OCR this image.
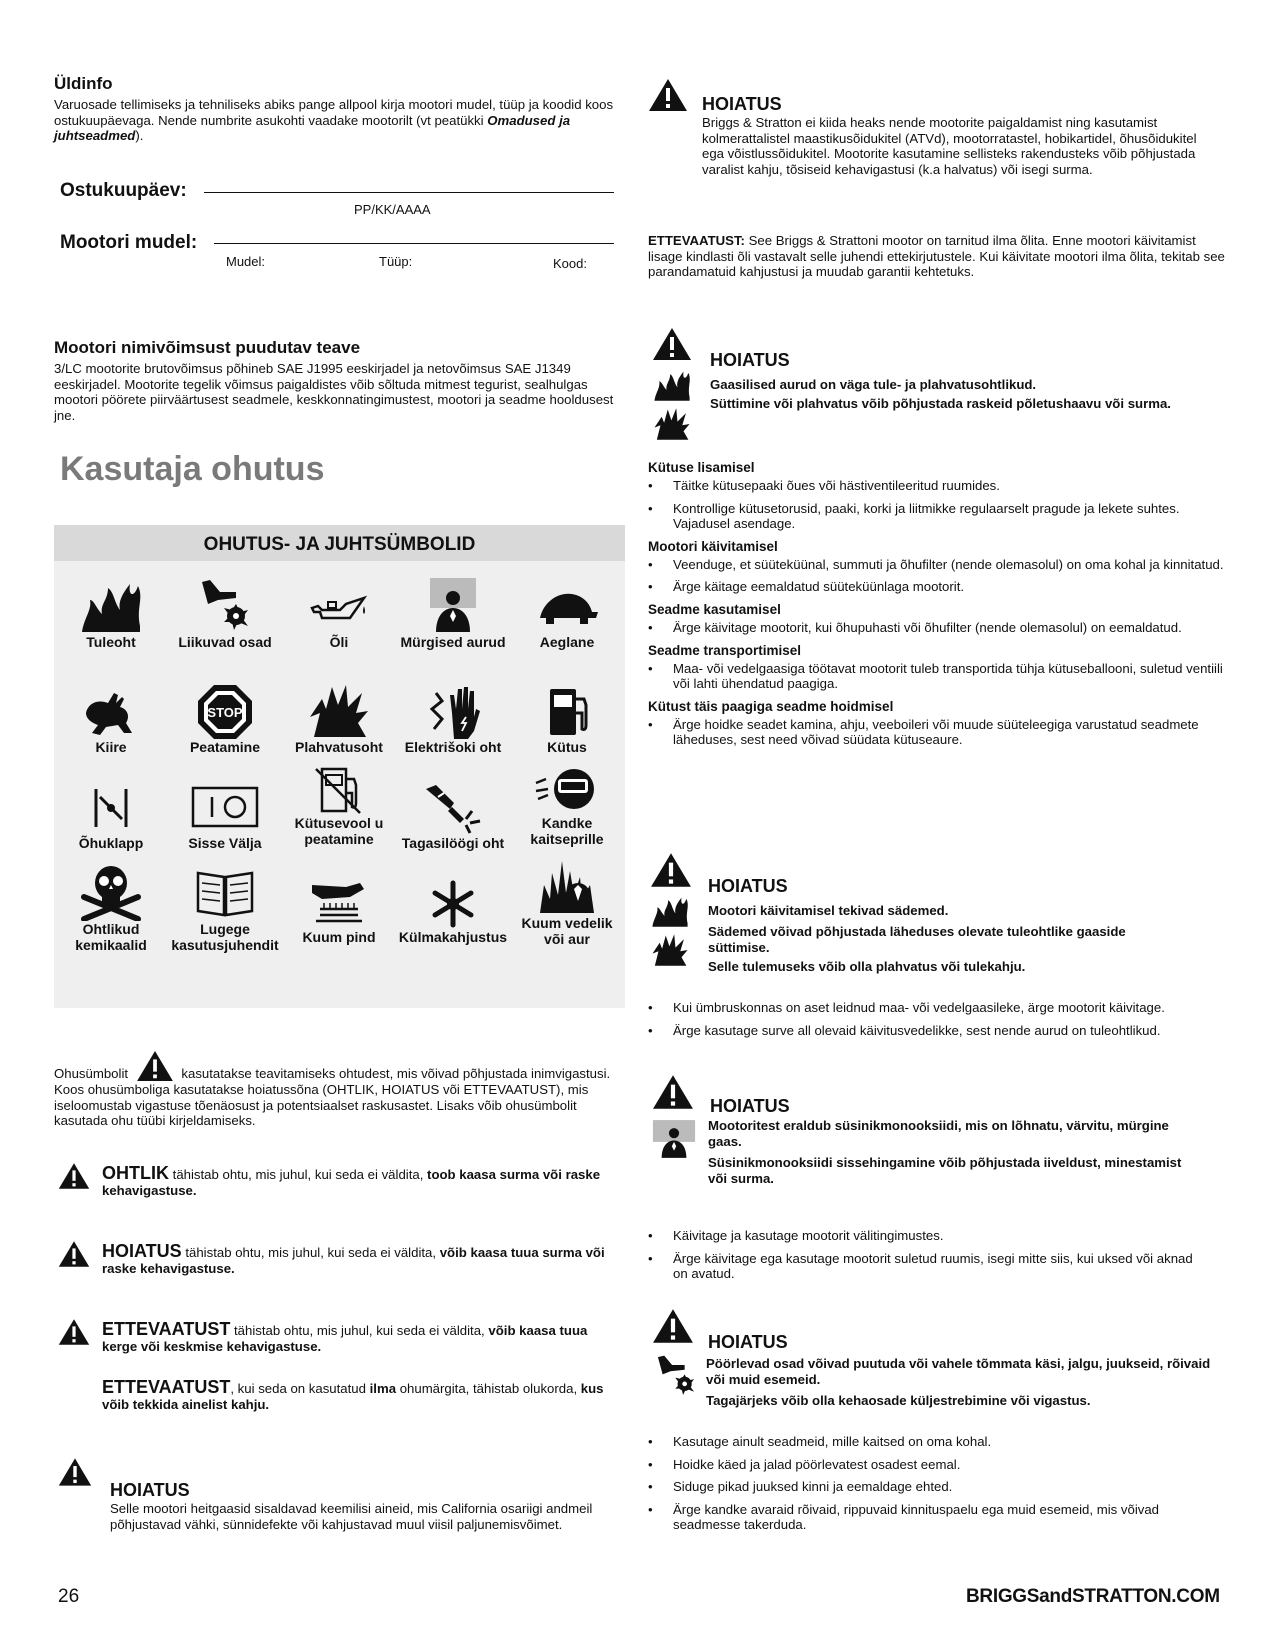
Üldinfo

Varuosade tellimiseks ja tehniliseks abiks pange allpool kirja mootori mudel, tüüp ja koodid koos ostukuupäevaga. Nende numbrite asukohti vaadake mootorilt (vt peatükki Omadused ja juhtseadmed).

Ostukuupäev:
PP/KK/AAAA
Mootori mudel:
Mudel:	Tüüp:	Kood:
Mootori nimivõimsust puudutav teave

3/LC mootorite brutovõimsus põhineb SAE J1995 eeskirjadel ja netovõimsus SAE J1349 eeskirjadel. Mootorite tegelik võimsus paigaldistes võib sõltuda mitmest tegurist, sealhulgas mootori pöörete piirväärtusest seadmele, keskkonnatingimustest, mootori ja seadme hooldusest jne.

Kasutaja ohutus
OHUTUS- JA JUHTSÜMBOLID
Tuleoht	Liikuvad osad	Õli	Mürgised aurud	Aeglane
Kiire
STOP
Peatamine	Plahvatusoht	Elektrišoki oht	Kütus
Õhuklapp	Sisse Välja
Kütusevool u peatamine	Tagasilöögi oht
Kandke kaitseprille
Ohtlikud kemikaalid
Lugege kasutusjuhendit	Kuum pind	Külmakahjustus
Kuum vedelik või aur
Ohusümbolit	kasutatakse teavitamiseks ohtudest, mis võivad põhjustada inimvigastusi. Koos ohusümboliga kasutatakse hoiatussõna (OHTLIK, HOIATUS või ETTEVAATUST), mis iseloomustab vigastuse tõenäosust ja potentsiaalset raskusastet. Lisaks võib ohusümbolit kasutada ohu tüübi kirjeldamiseks.
OHTLIK tähistab ohtu, mis juhul, kui seda ei väldita, toob kaasa surma või raske kehavigastuse.
HOIATUS tähistab ohtu, mis juhul, kui seda ei väldita, võib kaasa tuua surma või raske kehavigastuse.
ETTEVAATUST tähistab ohtu, mis juhul, kui seda ei väldita, võib kaasa tuua kerge või keskmise kehavigastuse.
ETTEVAATUST, kui seda on kasutatud ilma ohumärgita, tähistab olukorda, kus võib tekkida ainelist kahju.
HOIATUS

Selle mootori heitgaasid sisaldavad keemilisi aineid, mis California osariigi andmeil põhjustavad vähki, sünnidefekte või kahjustavad muul viisil paljunemisvõimet.

HOIATUS

Briggs & Stratton ei kiida heaks nende mootorite paigaldamist ning kasutamist kolmerattalistel maastikusõidukitel (ATVd), mootorratastel, hobikartidel, õhusõidukitel ega võistlussõidukitel. Mootorite kasutamine sellisteks rakendusteks võib põhjustada varalist kahju, tõsiseid kehavigastusi (k.a halvatus) või isegi surma.

ETTEVAATUST: See Briggs & Strattoni mootor on tarnitud ilma õlita. Enne mootori käivitamist lisage kindlasti õli vastavalt selle juhendi ettekirjutustele. Kui käivitate mootori ilma õlita, tekitab see parandamatuid kahjustusi ja muudab garantii kehtetuks.
HOIATUS

Gaasilised aurud on väga tule- ja plahvatusohtlikud.

Süttimine või plahvatus võib põhjustada raskeid põletushaavu või surma.

Kütuse lisamisel

• Täitke kütusepaaki õues või hästiventileeritud ruumides.
• Kontrollige kütusetorusid, paaki, korki ja liitmikke regulaarselt pragude ja lekete suhtes. Vajadusel asendage.

Mootori käivitamisel

• Veenduge, et süüteküünal, summuti ja õhufilter (nende olemasolul) on oma kohal ja kinnitatud.
• Ärge käitage eemaldatud süüteküünlaga mootorit.

Seadme kasutamisel

• Ärge käivitage mootorit, kui õhupuhasti või õhufilter (nende olemasolul) on eemaldatud.

Seadme transportimisel

• Maa- või vedelgaasiga töötavat mootorit tuleb transportida tühja kütuseballooni, suletud ventiili või lahti ühendatud paagiga.

Kütust täis paagiga seadme hoidmisel

• Ärge hoidke seadet kamina, ahju, veeboileri või muude süüteleegiga varustatud seadmete läheduses, sest need võivad süüdata kütuseaure.
HOIATUS

Mootori käivitamisel tekivad sädemed.

Sädemed võivad põhjustada läheduses olevate tuleohtlike gaaside süttimise.

Selle tulemuseks võib olla plahvatus või tulekahju.

• Kui ümbruskonnas on aset leidnud maa- või vedelgaasileke, ärge mootorit käivitage.
• Ärge kasutage surve all olevaid käivitusvedelikke, sest nende aurud on tuleohtlikud.
HOIATUS

Mootoritest eraldub süsinikmonooksiidi, mis on lõhnatu, värvitu, mürgine gaas.

Süsinikmonooksiidi sissehingamine võib põhjustada iiveldust, minestamist või surma.

• Käivitage ja kasutage mootorit välitingimustes.
• Ärge käivitage ega kasutage mootorit suletud ruumis, isegi mitte siis, kui uksed või aknad on avatud.
HOIATUS

Pöörlevad osad võivad puutuda või vahele tõmmata käsi, jalgu, juukseid, rõivaid või muid esemeid.

Tagajärjeks võib olla kehaosade küljestrebimine või vigastus.

• Kasutage ainult seadmeid, mille kaitsed on oma kohal.
• Hoidke käed ja jalad pöörlevatest osadest eemal.
• Siduge pikad juuksed kinni ja eemaldage ehted.
• Ärge kandke avaraid rõivaid, rippuvaid kinnituspaelu ega muid esemeid, mis võivad seadmesse takerduda.
26	BRIGGSandSTRATTON.COM
